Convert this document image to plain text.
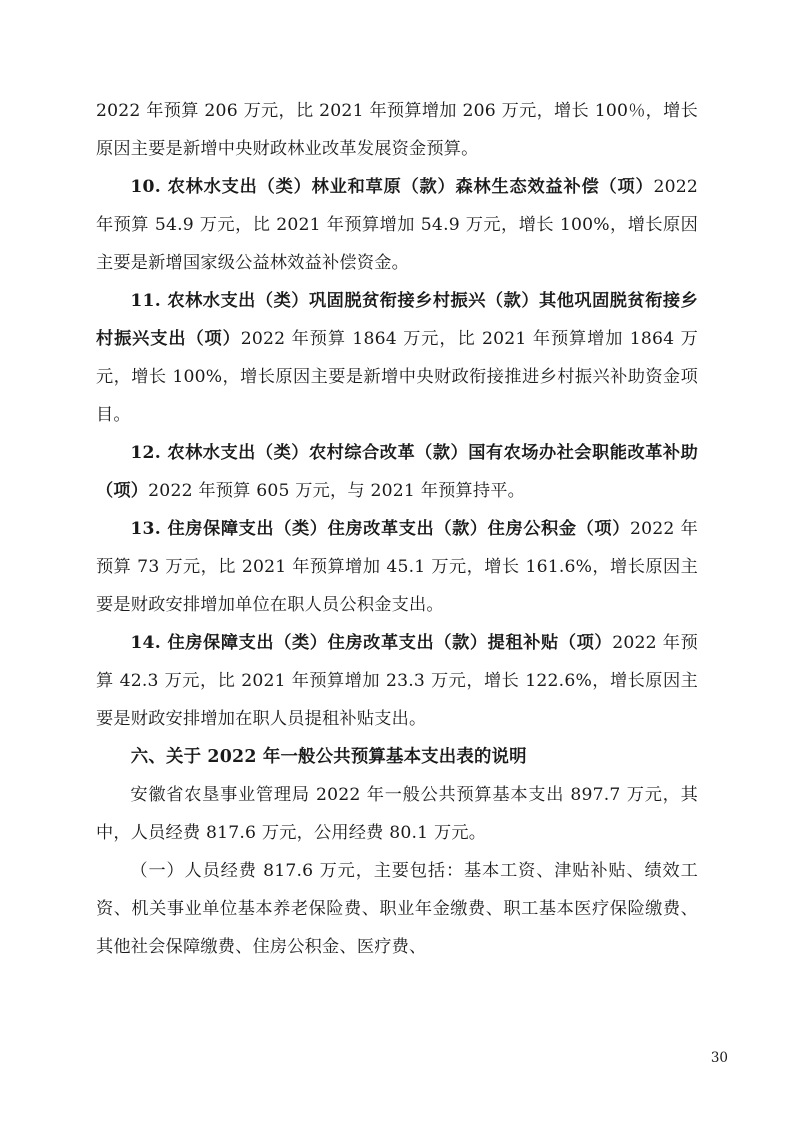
2022 年预算 206 万元，比 2021 年预算增加 206 万元，增长 100％，增长原因主要是新增中央财政林业改革发展资金预算。

10. 农林水支出（类）林业和草原（款）森林生态效益补偿（项）2022 年预算 54.9 万元，比 2021 年预算增加 54.9 万元，增长 100%，增长原因主要是新增国家级公益林效益补偿资金。

11. 农林水支出（类）巩固脱贫衔接乡村振兴（款）其他巩固脱贫衔接乡村振兴支出（项）2022 年预算 1864 万元，比 2021 年预算增加 1864 万元，增长 100%，增长原因主要是新增中央财政衔接推进乡村振兴补助资金项目。

12. 农林水支出（类）农村综合改革（款）国有农场办社会职能改革补助（项）2022 年预算 605 万元，与 2021 年预算持平。

13. 住房保障支出（类）住房改革支出（款）住房公积金（项）2022 年预算 73 万元，比 2021 年预算增加 45.1 万元，增长 161.6%，增长原因主要是财政安排增加单位在职人员公积金支出。

14. 住房保障支出（类）住房改革支出（款）提租补贴（项）2022 年预算 42.3 万元，比 2021 年预算增加 23.3 万元，增长 122.6%，增长原因主要是财政安排增加在职人员提租补贴支出。

六、关于 2022 年一般公共预算基本支出表的说明

安徽省农垦事业管理局 2022 年一般公共预算基本支出 897.7 万元，其中，人员经费 817.6 万元，公用经费 80.1 万元。

（一）人员经费 817.6 万元，主要包括：基本工资、津贴补贴、绩效工资、机关事业单位基本养老保险费、职业年金缴费、职工基本医疗保险缴费、其他社会保障缴费、住房公积金、医疗费、

30
